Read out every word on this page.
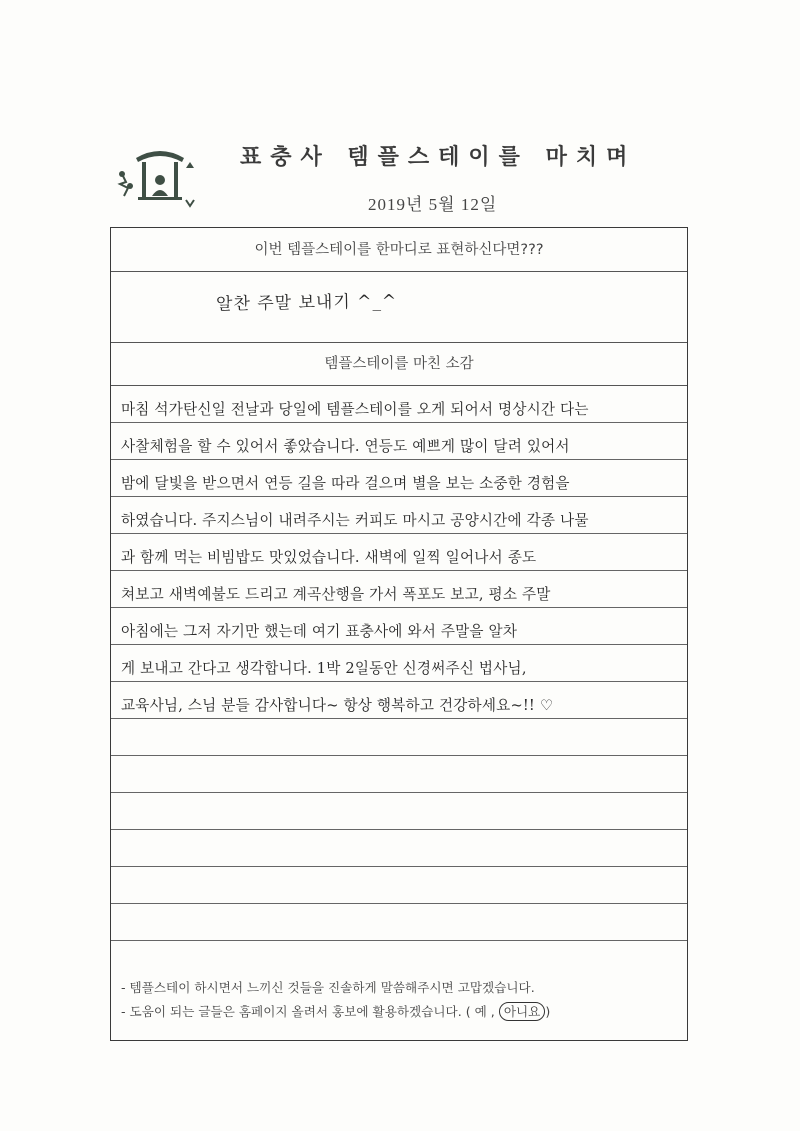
표충사 템플스테이를 마치며
2019년 5월 12일
이번 템플스테이를 한마디로 표현하신다면???
알찬 주말 보내기 ^_^
템플스테이를 마친 소감
마침 석가탄신일 전날과 당일에 템플스테이를 오게 되어서 명상시간 다는
사찰체험을 할 수 있어서 좋았습니다. 연등도 예쁘게 많이 달려 있어서
밤에 달빛을 받으면서 연등 길을 따라 걸으며 별을 보는 소중한 경험을
하였습니다. 주지스님이 내려주시는 커피도 마시고 공양시간에 각종 나물
과 함께 먹는 비빔밥도 맛있었습니다. 새벽에 일찍 일어나서 종도
쳐보고 새벽예불도 드리고 계곡산행을 가서 폭포도 보고, 평소 주말
아침에는 그저 자기만 했는데 여기 표충사에 와서 주말을 알차
게 보내고 간다고 생각합니다. 1박 2일동안 신경써주신 법사님,
교육사님, 스님 분들 감사합니다~ 항상 행복하고 건강하세요~!! ♡
- 템플스테이 하시면서 느끼신 것들을 진솔하게 말씀해주시면 고맙겠습니다.
- 도움이 되는 글들은 홈페이지 올려서 홍보에 활용하겠습니다. ( 예 , 아니요 )
